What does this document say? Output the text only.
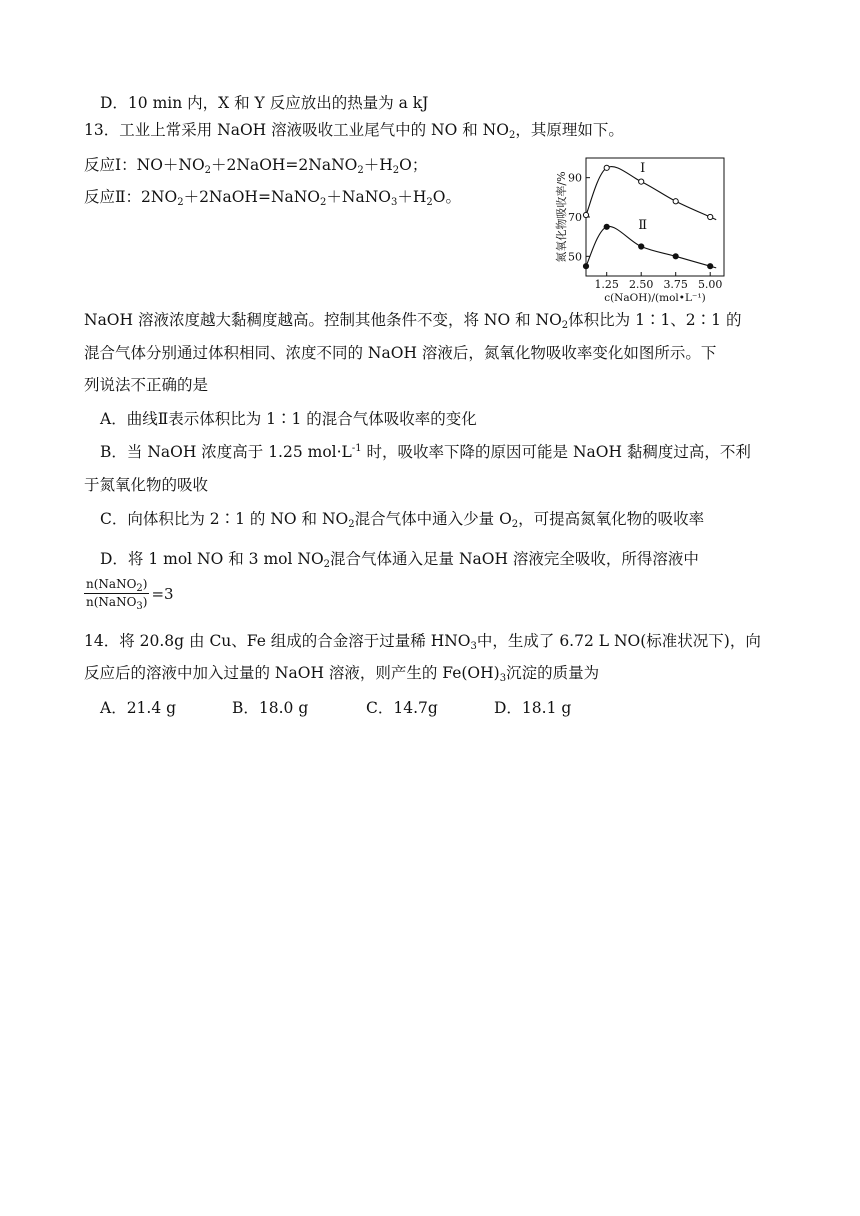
D．10 min 内，X 和 Y 反应放出的热量为 a kJ
13．工业上常采用 NaOH 溶液吸收工业尾气中的 NO 和 $NO_2$，其原理如下。
反应Ⅰ：$NO+NO_2+2NaOH=2NaNO_2+H_2O$；
反应Ⅱ：$2NO_2+2NaOH=NaNO_2+NaNO_3+H_2O$。
50
70
90
1.25 2.50 3.75 5.00
c(NaOH)/(mol•L⁻¹)
氮氧化物吸收率/%
Ⅰ
Ⅱ
NaOH 溶液浓度越大黏稠度越高。控制其他条件不变，将 NO 和 $NO_2$体积比为 1∶1、2∶1 的
混合气体分别通过体积相同、浓度不同的 NaOH 溶液后，氮氧化物吸收率变化如图所示。下
列说法不正确的是
A．曲线Ⅱ表示体积比为 1∶1 的混合气体吸收率的变化
B．当 NaOH 浓度高于 1.25 $mol\cdot L^{-1}$ 时，吸收率下降的原因可能是 NaOH 黏稠度过高，不利
于氮氧化物的吸收
C．向体积比为 2∶1 的 NO 和 $NO_2$混合气体中通入少量 $O_2$，可提高氮氧化物的吸收率
D．将 1 mol NO 和 3 mol $NO_2$混合气体通入足量 NaOH 溶液完全吸收，所得溶液中
$\frac{n(NaNO_2)}{n(NaNO_3)} =3$
14．将 20.8g 由 Cu、Fe 组成的合金溶于过量稀 $HNO_3$中，生成了 6.72 L NO(标准状况下)，向
反应后的溶液中加入过量的 NaOH 溶液，则产生的 $Fe(OH)_3$沉淀的质量为
A．21.4 g	B．18.0 g	C．14.7g	D．18.1 g
